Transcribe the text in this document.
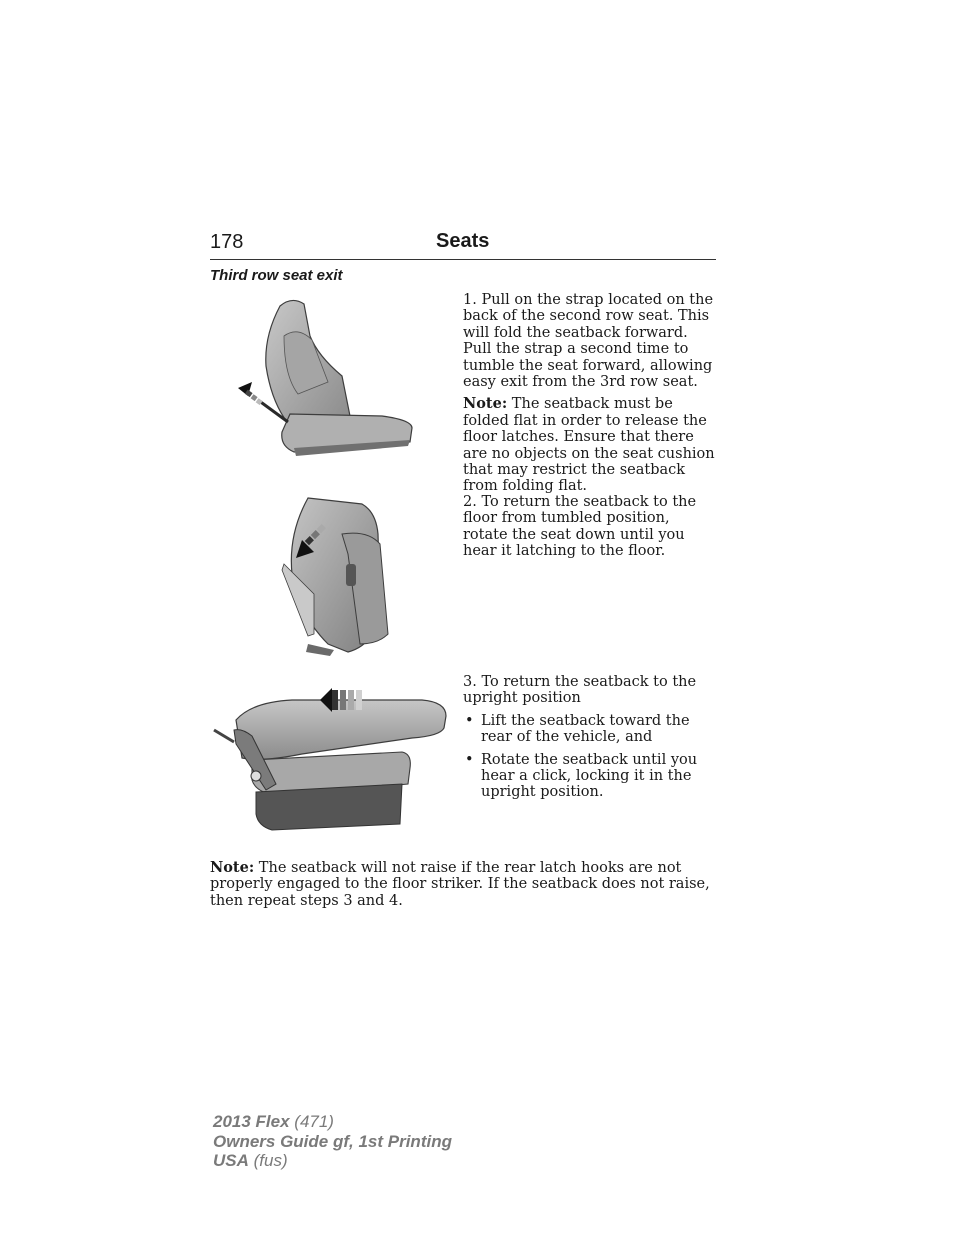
178	Seats
Third row seat exit

1. Pull on the strap located on the back of the second row seat. This will fold the seatback forward. Pull the strap a second time to tumble the seat forward, allowing easy exit from the 3rd row seat.

Note: The seatback must be folded flat in order to release the floor latches. Ensure that there are no objects on the seat cushion that may restrict the seatback from folding flat.

2. To return the seatback to the floor from tumbled position, rotate the seat down until you hear it latching to the floor.

3. To return the seatback to the upright position

• Lift the seatback toward the rear of the vehicle, and
• Rotate the seatback until you hear a click, locking it in the upright position.
Note: The seatback will not raise if the rear latch hooks are not properly engaged to the floor striker. If the seatback does not raise, then repeat steps 3 and 4.
2013 Flex (471)
Owners Guide gf, 1st Printing
USA (fus)
